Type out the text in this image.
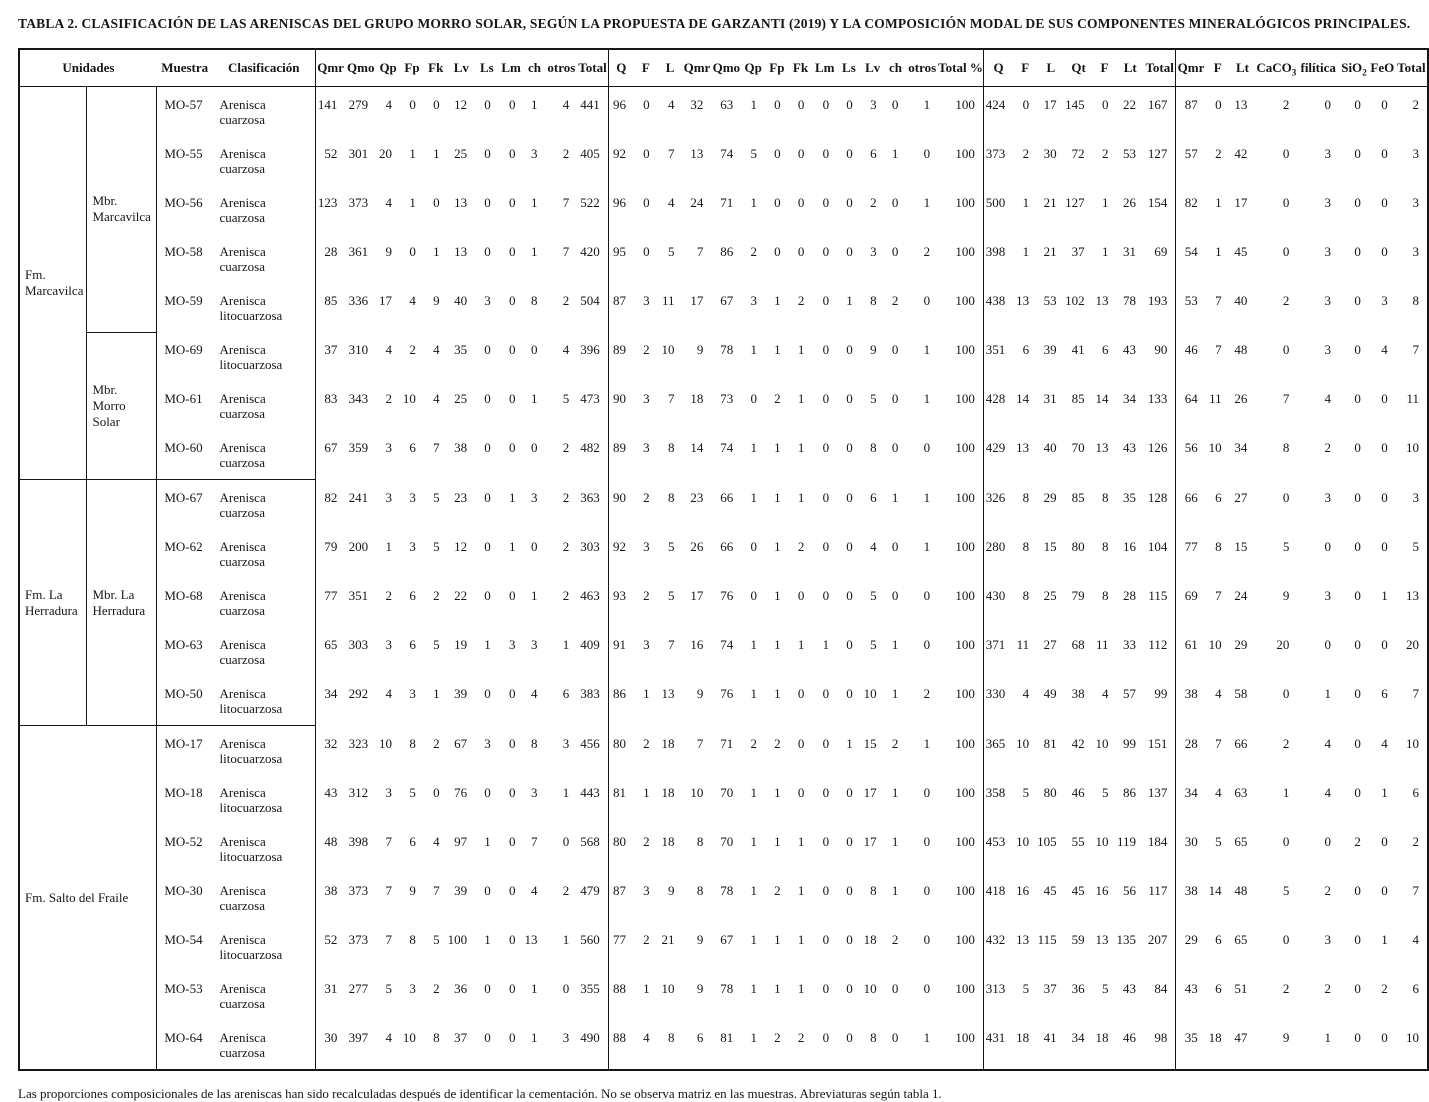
TABLA 2. CLASIFICACIÓN DE LAS ARENISCAS DEL GRUPO MORRO SOLAR, SEGÚN LA PROPUESTA DE GARZANTI (2019) Y LA COMPOSICIÓN MODAL DE SUS COMPONENTES MINERALÓGICOS PRINCIPALES.
Unidades		Muestra	Clasificación	Qmr	Qmo	Qp	Fp	Fk	Lv	Ls	Lm	ch	otros	Total	Q	F	L	Qmr	Qmo	Qp	Fp	Fk	Lm	Ls	Lv	ch	otros	Total %	Q	F	L	Qt	F	Lt	Total	Qmr	F	Lt	CaCO$_3$	filítica	SiO$_2$	FeO	Total
Fm. Marcavilca	Mbr. Marcavilca	MO-57	Arenisca cuarzosa	141	279	4	0	0	12	0	0	1	4	441	96	0	4	32	63	1	0	0	0	0	3	0	1	100	424	0	17	145	0	22	167	87	0	13	2	0	0	0	2
		MO-55	Arenisca cuarzosa	52	301	20	1	1	25	0	0	3	2	405	92	0	7	13	74	5	0	0	0	0	6	1	0	100	373	2	30	72	2	53	127	57	2	42	0	3	0	0	3
		MO-56	Arenisca cuarzosa	123	373	4	1	0	13	0	0	1	7	522	96	0	4	24	71	1	0	0	0	0	2	0	1	100	500	1	21	127	1	26	154	82	1	17	0	3	0	0	3
		MO-58	Arenisca cuarzosa	28	361	9	0	1	13	0	0	1	7	420	95	0	5	7	86	2	0	0	0	0	3	0	2	100	398	1	21	37	1	31	69	54	1	45	0	3	0	0	3
		MO-59	Arenisca litocuarzosa	85	336	17	4	9	40	3	0	8	2	504	87	3	11	17	67	3	1	2	0	1	8	2	0	100	438	13	53	102	13	78	193	53	7	40	2	3	0	3	8
	Mbr. Morro Solar	MO-69	Arenisca litocuarzosa	37	310	4	2	4	35	0	0	0	4	396	89	2	10	9	78	1	1	1	0	0	9	0	1	100	351	6	39	41	6	43	90	46	7	48	0	3	0	4	7
		MO-61	Arenisca cuarzosa	83	343	2	10	4	25	0	0	1	5	473	90	3	7	18	73	0	2	1	0	0	5	0	1	100	428	14	31	85	14	34	133	64	11	26	7	4	0	0	11
		MO-60	Arenisca cuarzosa	67	359	3	6	7	38	0	0	0	2	482	89	3	8	14	74	1	1	1	0	0	8	0	0	100	429	13	40	70	13	43	126	56	10	34	8	2	0	0	10
Fm. La Herradura	Mbr. La Herradura	MO-67	Arenisca cuarzosa	82	241	3	3	5	23	0	1	3	2	363	90	2	8	23	66	1	1	1	0	0	6	1	1	100	326	8	29	85	8	35	128	66	6	27	0	3	0	0	3
		MO-62	Arenisca cuarzosa	79	200	1	3	5	12	0	1	0	2	303	92	3	5	26	66	0	1	2	0	0	4	0	1	100	280	8	15	80	8	16	104	77	8	15	5	0	0	0	5
		MO-68	Arenisca cuarzosa	77	351	2	6	2	22	0	0	1	2	463	93	2	5	17	76	0	1	0	0	0	5	0	0	100	430	8	25	79	8	28	115	69	7	24	9	3	0	1	13
		MO-63	Arenisca cuarzosa	65	303	3	6	5	19	1	3	3	1	409	91	3	7	16	74	1	1	1	1	0	5	1	0	100	371	11	27	68	11	33	112	61	10	29	20	0	0	0	20
		MO-50	Arenisca litocuarzosa	34	292	4	3	1	39	0	0	4	6	383	86	1	13	9	76	1	1	0	0	0	10	1	2	100	330	4	49	38	4	57	99	38	4	58	0	1	0	6	7
Fm. Salto del Fraile		MO-17	Arenisca litocuarzosa	32	323	10	8	2	67	3	0	8	3	456	80	2	18	7	71	2	2	0	0	1	15	2	1	100	365	10	81	42	10	99	151	28	7	66	2	4	0	4	10
		MO-18	Arenisca litocuarzosa	43	312	3	5	0	76	0	0	3	1	443	81	1	18	10	70	1	1	0	0	0	17	1	0	100	358	5	80	46	5	86	137	34	4	63	1	4	0	1	6
		MO-52	Arenisca litocuarzosa	48	398	7	6	4	97	1	0	7	0	568	80	2	18	8	70	1	1	1	0	0	17	1	0	100	453	10	105	55	10	119	184	30	5	65	0	0	2	0	2
		MO-30	Arenisca cuarzosa	38	373	7	9	7	39	0	0	4	2	479	87	3	9	8	78	1	2	1	0	0	8	1	0	100	418	16	45	45	16	56	117	38	14	48	5	2	0	0	7
		MO-54	Arenisca litocuarzosa	52	373	7	8	5	100	1	0	13	1	560	77	2	21	9	67	1	1	1	0	0	18	2	0	100	432	13	115	59	13	135	207	29	6	65	0	3	0	1	4
		MO-53	Arenisca cuarzosa	31	277	5	3	2	36	0	0	1	0	355	88	1	10	9	78	1	1	1	0	0	10	0	0	100	313	5	37	36	5	43	84	43	6	51	2	2	0	2	6
		MO-64	Arenisca cuarzosa	30	397	4	10	8	37	0	0	1	3	490	88	4	8	6	81	1	2	2	0	0	8	0	1	100	431	18	41	34	18	46	98	35	18	47	9	1	0	0	10
Las proporciones composicionales de las areniscas han sido recalculadas después de identificar la cementación. No se observa matriz en las muestras. Abreviaturas según tabla 1.
